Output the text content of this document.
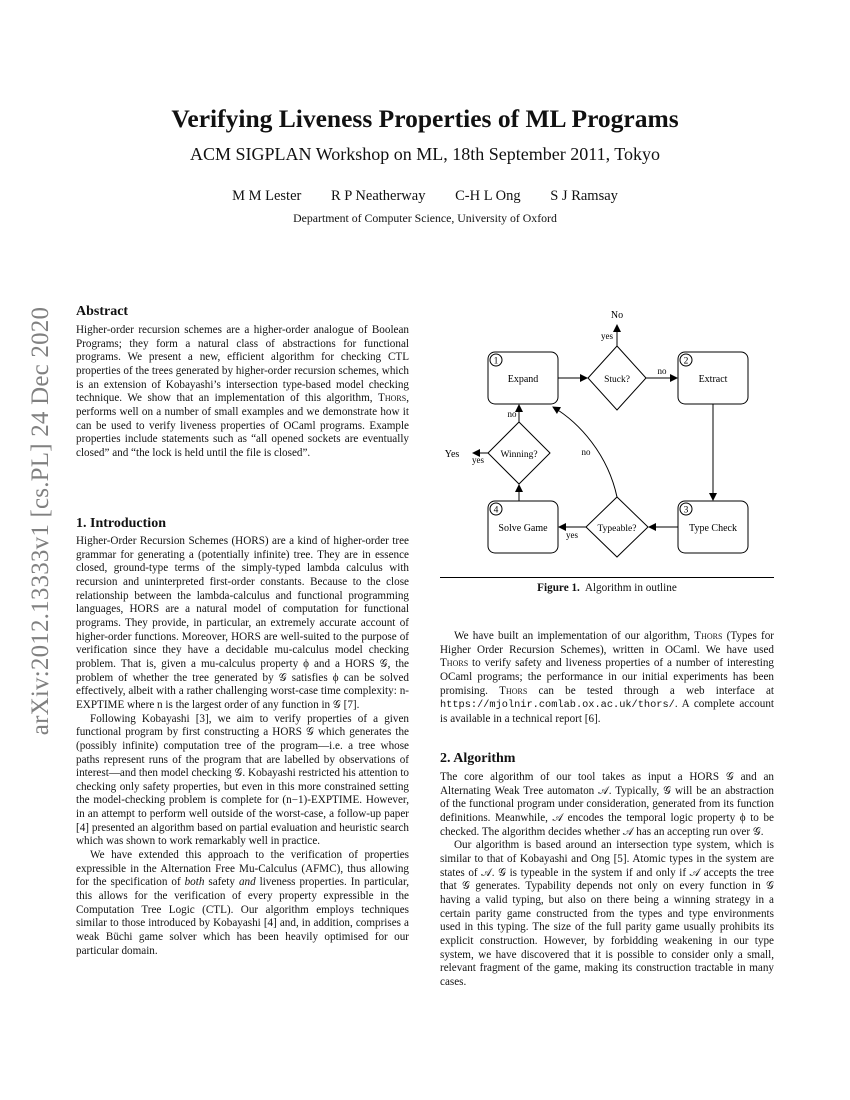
arXiv:2012.13333v1 [cs.PL] 24 Dec 2020
Verifying Liveness Properties of ML Programs
ACM SIGPLAN Workshop on ML, 18th September 2011, Tokyo
M M Lester R P Neatherway C-H L Ong S J Ramsay
Department of Computer Science, University of Oxford
Abstract

Higher-order recursion schemes are a higher-order analogue of Boolean Programs; they form a natural class of abstractions for functional programs. We present a new, efficient algorithm for checking CTL properties of the trees generated by higher-order recursion schemes, which is an extension of Kobayashi’s intersection type-based model checking technique. We show that an implementation of this algorithm, Thors, performs well on a number of small examples and we demonstrate how it can be used to verify liveness properties of OCaml programs. Example properties include statements such as “all opened sockets are eventually closed” and “the lock is held until the file is closed”.

1. Introduction

Higher-Order Recursion Schemes (HORS) are a kind of higher-order tree grammar for generating a (potentially infinite) tree. They are in essence closed, ground-type terms of the simply-typed lambda calculus with recursion and uninterpreted first-order constants. Because to the close relationship between the lambda-calculus and functional programming languages, HORS are a natural model of computation for functional programs. They provide, in particular, an extremely accurate account of higher-order functions. Moreover, HORS are well-suited to the purpose of verification since they have a decidable mu-calculus model checking problem. That is, given a mu-calculus property ϕ and a HORS 𝒢, the problem of whether the tree generated by 𝒢 satisfies ϕ can be solved effectively, albeit with a rather challenging worst-case time complexity: n-EXPTIME where n is the largest order of any function in 𝒢 [7].

Following Kobayashi [3], we aim to verify properties of a given functional program by first constructing a HORS 𝒢 which generates the (possibly infinite) computation tree of the program—i.e. a tree whose paths represent runs of the program that are labelled by observations of interest—and then model checking 𝒢. Kobayashi restricted his attention to checking only safety properties, but even in this more constrained setting the model-checking problem is complete for (n−1)-EXPTIME. However, in an attempt to perform well outside of the worst-case, a follow-up paper [4] presented an algorithm based on partial evaluation and heuristic search which was shown to work remarkably well in practice.

We have extended this approach to the verification of properties expressible in the Alternation Free Mu-Calculus (AFMC), thus allowing for the specification of both safety and liveness properties. In particular, this allows for the verification of every property expressible in the Computation Tree Logic (CTL). Our algorithm employs techniques similar to those introduced by Kobayashi [4] and, in addition, comprises a weak Büchi game solver which has been heavily optimised for our particular domain.

1	2
3
4
Expand	Extract
Type Check
Solve Game
Stuck?
Winning?
Typeable?
No
yes
no
no
Yes yes
no
yes
Figure 1. Algorithm in outline

We have built an implementation of our algorithm, Thors (Types for Higher Order Recursion Schemes), written in OCaml. We have used Thors to verify safety and liveness properties of a number of interesting OCaml programs; the performance in our initial experiments has been promising. Thors can be tested through a web interface at https://mjolnir.comlab.ox.ac.uk/thors/. A complete account is available in a technical report [6].

2. Algorithm

The core algorithm of our tool takes as input a HORS 𝒢 and an Alternating Weak Tree automaton 𝒜. Typically, 𝒢 will be an abstraction of the functional program under consideration, generated from its function definitions. Meanwhile, 𝒜 encodes the temporal logic property ϕ to be checked. The algorithm decides whether 𝒜 has an accepting run over 𝒢.

Our algorithm is based around an intersection type system, which is similar to that of Kobayashi and Ong [5]. Atomic types in the system are states of 𝒜. 𝒢 is typeable in the system if and only if 𝒜 accepts the tree that 𝒢 generates. Typability depends not only on every function in 𝒢 having a valid typing, but also on there being a winning strategy in a certain parity game constructed from the types and type environments used in this typing. The size of the full parity game usually prohibits its explicit construction. However, by forbidding weakening in our type system, we have discovered that it is possible to consider only a small, relevant fragment of the game, making its construction tractable in many cases.
